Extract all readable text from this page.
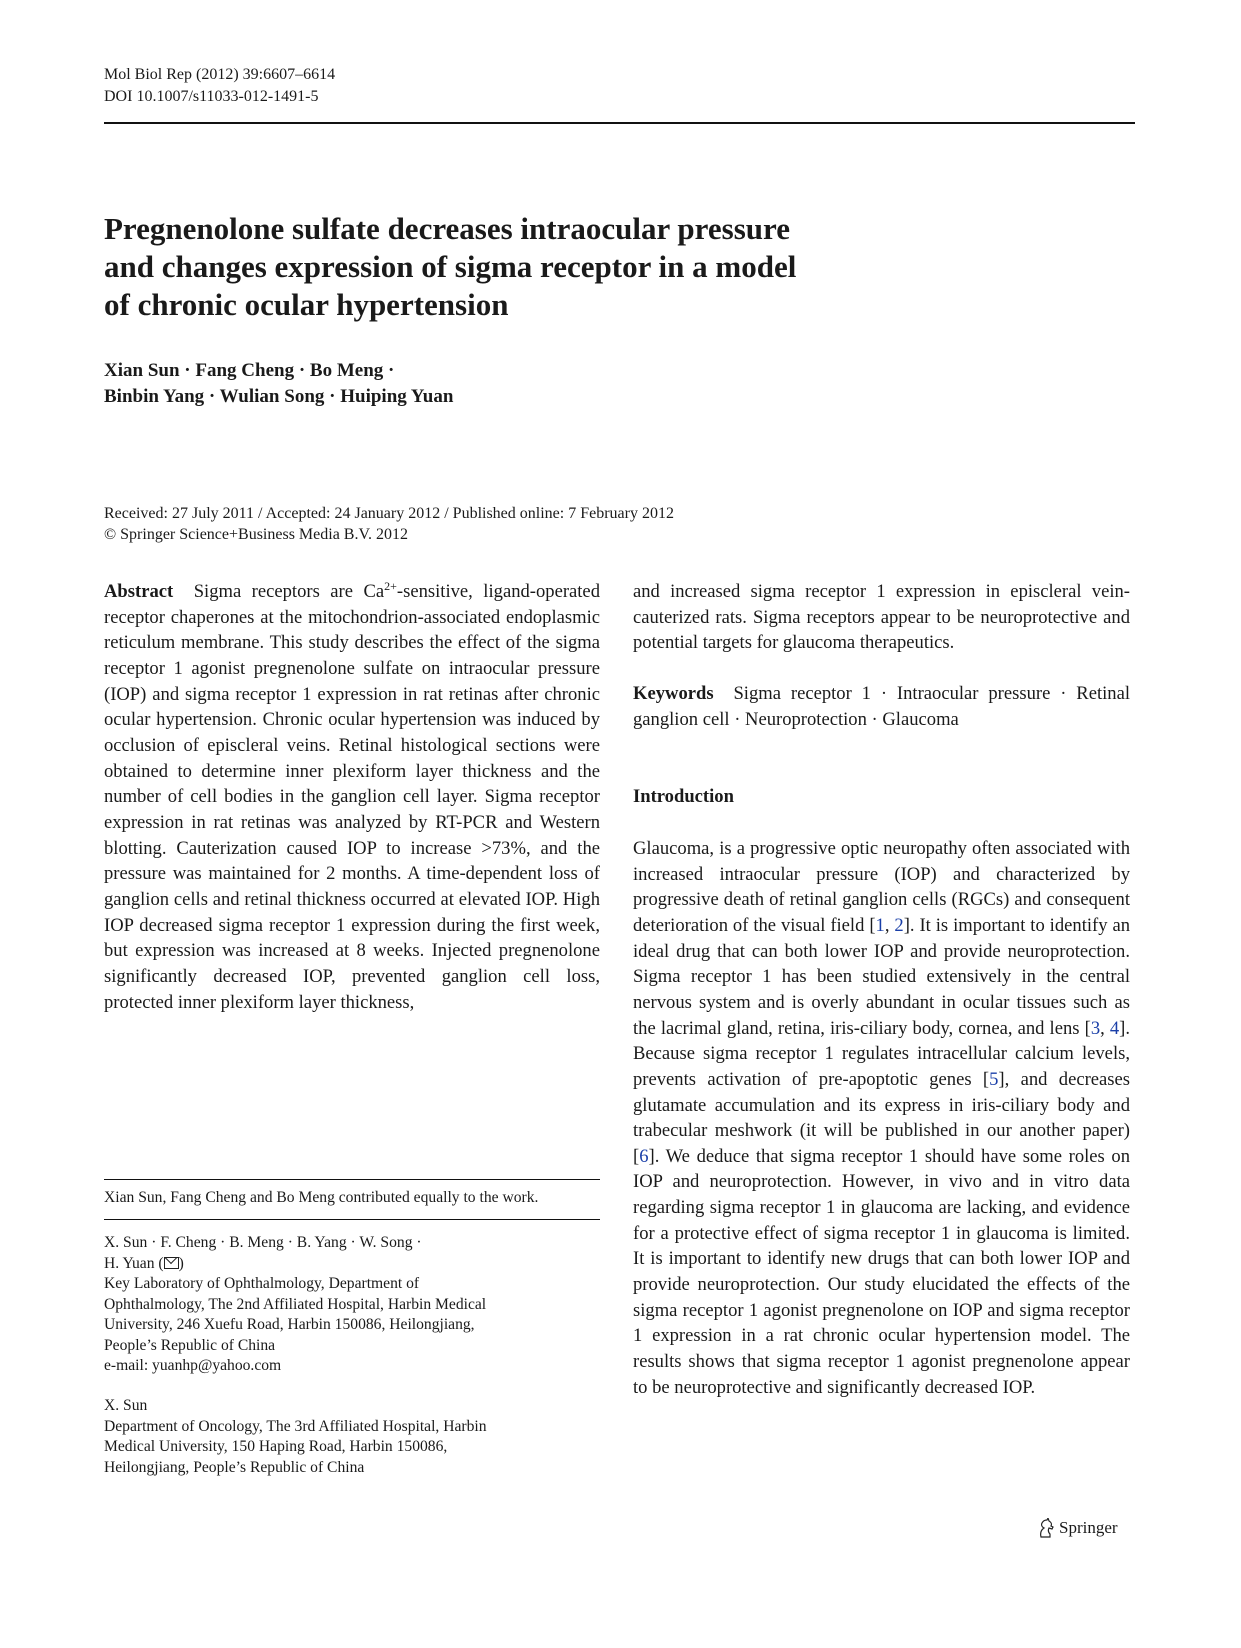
Mol Biol Rep (2012) 39:6607–6614
DOI 10.1007/s11033-012-1491-5
Pregnenolone sulfate decreases intraocular pressure
and changes expression of sigma receptor in a model
of chronic ocular hypertension
Xian Sun · Fang Cheng · Bo Meng ·
Binbin Yang · Wulian Song · Huiping Yuan
Received: 27 July 2011 / Accepted: 24 January 2012 / Published online: 7 February 2012
© Springer Science+Business Media B.V. 2012

Abstract Sigma receptors are $Ca^{2+}$-sensitive, ligand-operated receptor chaperones at the mitochondrion-associated endoplasmic reticulum membrane. This study describes the effect of the sigma receptor 1 agonist pregnenolone sulfate on intraocular pressure (IOP) and sigma receptor 1 expression in rat retinas after chronic ocular hypertension. Chronic ocular hypertension was induced by occlusion of episcleral veins. Retinal histological sections were obtained to determine inner plexiform layer thickness and the number of cell bodies in the ganglion cell layer. Sigma receptor expression in rat retinas was analyzed by RT-PCR and Western blotting. Cauterization caused IOP to increase >73%, and the pressure was maintained for 2 months. A time-dependent loss of ganglion cells and retinal thickness occurred at elevated IOP. High IOP decreased sigma receptor 1 expression during the first week, but expression was increased at 8 weeks. Injected pregnenolone significantly decreased IOP, prevented ganglion cell loss, protected inner plexiform layer thickness,

Xian Sun, Fang Cheng and Bo Meng contributed equally to the work.
X. Sun · F. Cheng · B. Meng · B. Yang · W. Song ·
H. Yuan ( )
Key Laboratory of Ophthalmology, Department of
Ophthalmology, The 2nd Affiliated Hospital, Harbin Medical
University, 246 Xuefu Road, Harbin 150086, Heilongjiang,
People’s Republic of China
e-mail: yuanhp@yahoo.com
X. Sun
Department of Oncology, The 3rd Affiliated Hospital, Harbin
Medical University, 150 Haping Road, Harbin 150086,
Heilongjiang, People’s Republic of China

and increased sigma receptor 1 expression in episcleral vein-cauterized rats. Sigma receptors appear to be neuroprotective and potential targets for glaucoma therapeutics.

Keywords Sigma receptor 1 · Intraocular pressure · Retinal ganglion cell · Neuroprotection · Glaucoma

Introduction

Glaucoma, is a progressive optic neuropathy often associated with increased intraocular pressure (IOP) and characterized by progressive death of retinal ganglion cells (RGCs) and consequent deterioration of the visual field [1, 2]. It is important to identify an ideal drug that can both lower IOP and provide neuroprotection. Sigma receptor 1 has been studied extensively in the central nervous system and is overly abundant in ocular tissues such as the lacrimal gland, retina, iris-ciliary body, cornea, and lens [3, 4]. Because sigma receptor 1 regulates intracellular calcium levels, prevents activation of pre-apoptotic genes [5], and decreases glutamate accumulation and its express in iris-ciliary body and trabecular meshwork (it will be published in our another paper) [6]. We deduce that sigma receptor 1 should have some roles on IOP and neuroprotection. However, in vivo and in vitro data regarding sigma receptor 1 in glaucoma are lacking, and evidence for a protective effect of sigma receptor 1 in glaucoma is limited. It is important to identify new drugs that can both lower IOP and provide neuroprotection. Our study elucidated the effects of the sigma receptor 1 agonist pregnenolone on IOP and sigma receptor 1 expression in a rat chronic ocular hypertension model. The results shows that sigma receptor 1 agonist pregnenolone appear to be neuroprotective and significantly decreased IOP.

Springer
